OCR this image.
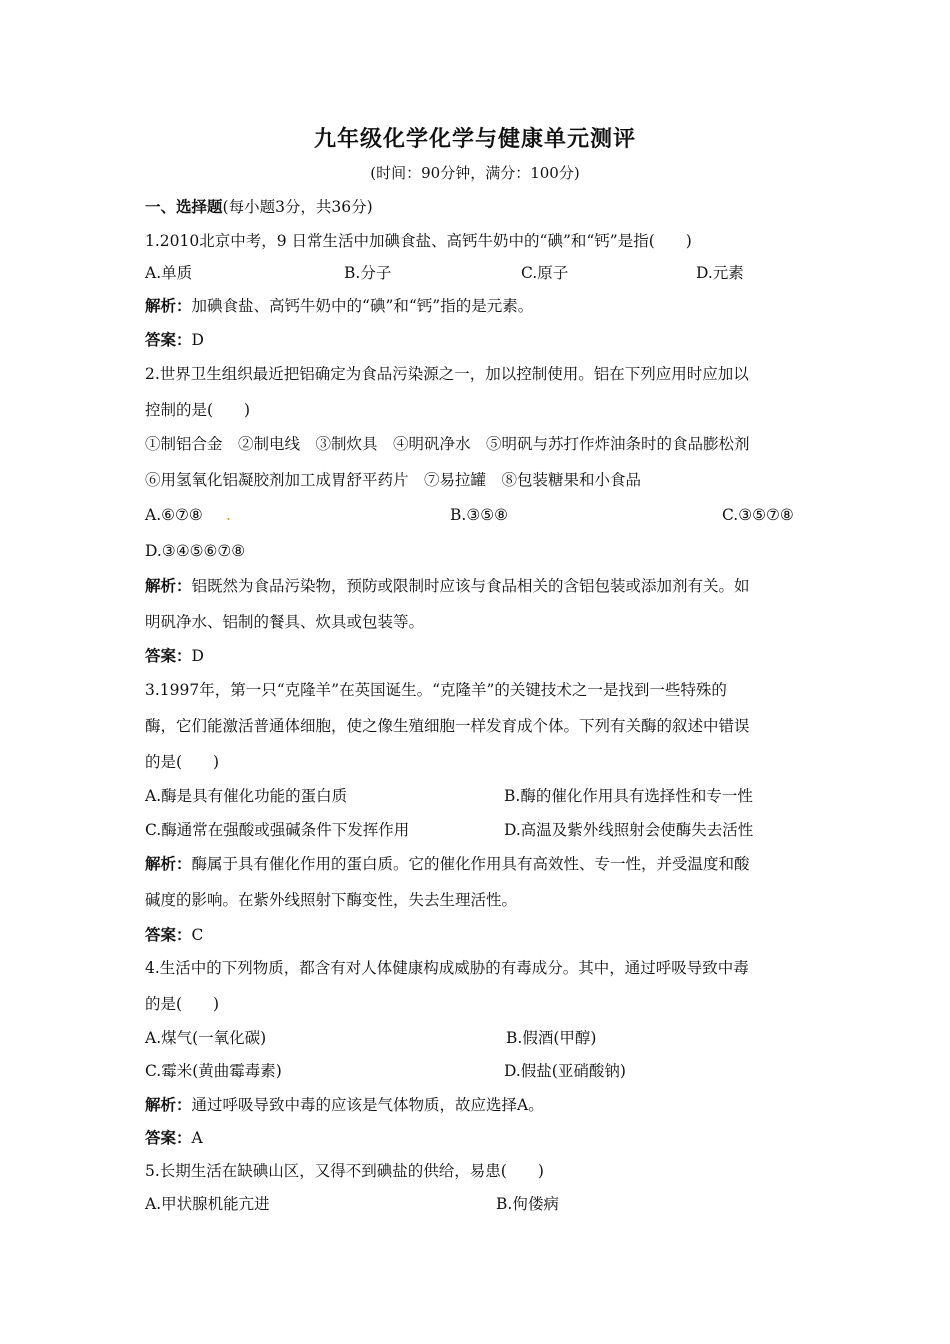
九年级化学化学与健康单元测评
(时间：90分钟，满分：100分)
一、选择题(每小题3分，共36分)
1.2010北京中考，9 日常生活中加碘食盐、高钙牛奶中的“碘”和“钙”是指(　　)
A.单质	B.分子	C.原子	D.元素
解析：加碘食盐、高钙牛奶中的“碘”和“钙”指的是元素。
答案：D
2.世界卫生组织最近把铝确定为食品污染源之一，加以控制使用。铝在下列应用时应加以
控制的是(　　)
①制铝合金　②制电线　③制炊具　④明矾净水　⑤明矾与苏打作炸油条时的食品膨松剂
⑥用氢氧化铝凝胶剂加工成胃舒平药片　⑦易拉罐　⑧包装糖果和小食品
A.⑥⑦⑧ .	B.③⑤⑧	C.③⑤⑦⑧
D.③④⑤⑥⑦⑧
解析：铝既然为食品污染物，预防或限制时应该与食品相关的含铝包装或添加剂有关。如
明矾净水、铝制的餐具、炊具或包装等。
答案：D
3.1997年，第一只“克隆羊”在英国诞生。“克隆羊”的关键技术之一是找到一些特殊的
酶，它们能激活普通体细胞，使之像生殖细胞一样发育成个体。下列有关酶的叙述中错误
的是(　　)
A.酶是具有催化功能的蛋白质	B.酶的催化作用具有选择性和专一性
C.酶通常在强酸或强碱条件下发挥作用	D.高温及紫外线照射会使酶失去活性
解析：酶属于具有催化作用的蛋白质。它的催化作用具有高效性、专一性，并受温度和酸
碱度的影响。在紫外线照射下酶变性，失去生理活性。
答案：C
4.生活中的下列物质，都含有对人体健康构成威胁的有毒成分。其中，通过呼吸导致中毒
的是(　　)
A.煤气(一氧化碳)	B.假酒(甲醇)
C.霉米(黄曲霉毒素)	D.假盐(亚硝酸钠)
解析：通过呼吸导致中毒的应该是气体物质，故应选择A。
答案：A
5.长期生活在缺碘山区，又得不到碘盐的供给，易患(　　)
A.甲状腺机能亢进	B.佝偻病
